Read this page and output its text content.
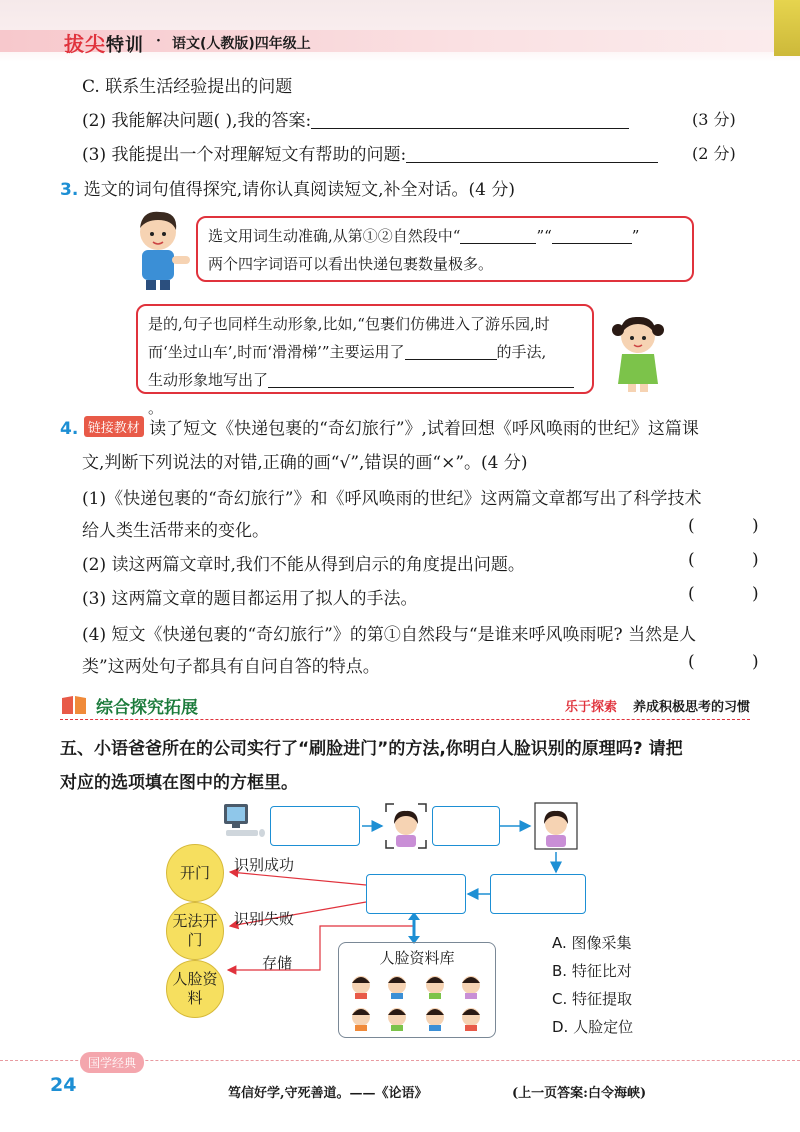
拔尖特训 · 语文(人教版)四年级上
C. 联系生活经验提出的问题
(2) 我能解决问题( ),我的答案:	(3 分)
(3) 我能提出一个对理解短文有帮助的问题:	(2 分)
3. 选文的词句值得探究,请你认真阅读短文,补全对话。(4 分)
选文用词生动准确,从第①②自然段中“	”“	”
两个四字词语可以看出快递包裹数量极多。
是的,句子也同样生动形象,比如,“包裹们仿佛进入了游乐园,时
而‘坐过山车’,时而‘滑滑梯’”主要运用了	的手法,
生动形象地写出了。
4. 链接教材 读了短文《快递包裹的“奇幻旅行”》,试着回想《呼风唤雨的世纪》这篇课
文,判断下列说法的对错,正确的画“√”,错误的画“×”。(4 分)
(1)《快递包裹的“奇幻旅行”》和《呼风唤雨的世纪》这两篇文章都写出了科学技术
给人类生活带来的变化。	( )
(2) 读这两篇文章时,我们不能从得到启示的角度提出问题。	( )
(3) 这两篇文章的题目都运用了拟人的手法。	( )
(4) 短文《快递包裹的“奇幻旅行”》的第①自然段与“是谁来呼风唤雨呢? 当然是人
类”这两处句子都具有自问自答的特点。	( )
综合探究拓展	乐于探索 养成积极思考的习惯
五、小语爸爸所在的公司实行了“刷脸进门”的方法,你明白人脸识别的原理吗? 请把
对应的选项填在图中的方框里。
开门
无法开门
人脸资料
识别成功
识别失败
存储	人脸资料库
A. 图像采集
B. 特征比对
C. 特征提取
D. 人脸定位
国学经典
24	笃信好学,守死善道。——《论语》	(上一页答案:白令海峡)
